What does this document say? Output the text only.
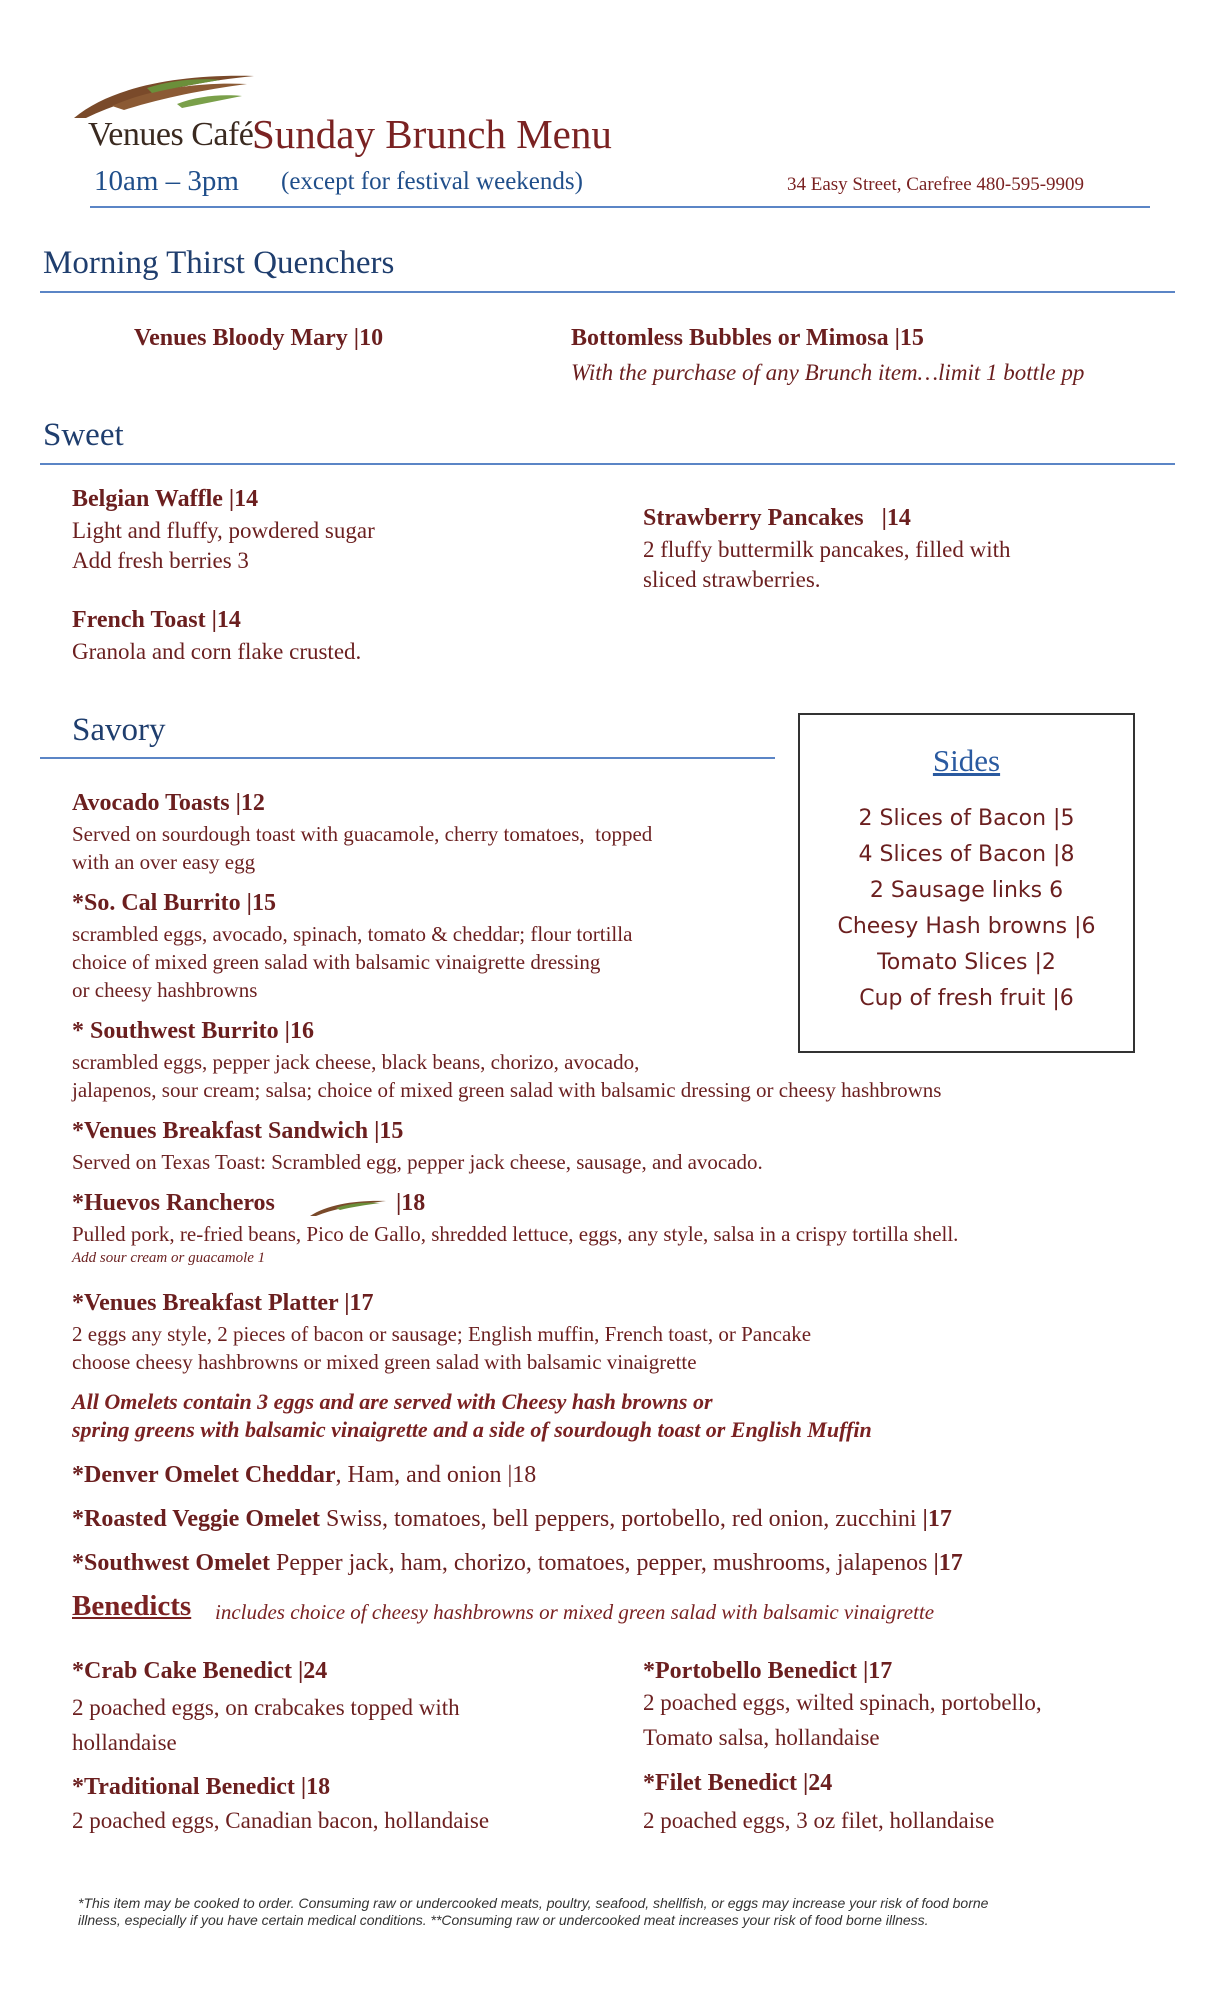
Venues Café
Sunday Brunch Menu
10am – 3pm (except for festival weekends)	34 Easy Street, Carefree 480-595-9909
Morning Thirst Quenchers
Venues Bloody Mary |10	Bottomless Bubbles or Mimosa |15
With the purchase of any Brunch item…limit 1 bottle pp
Sweet
Belgian Waffle |14
Light and fluffy, powdered sugar
Add fresh berries 3
Strawberry Pancakes   |14
2 fluffy buttermilk pancakes, filled with
sliced strawberries.
French Toast |14
Granola and corn flake crusted.
Savory
Avocado Toasts |12
Served on sourdough toast with guacamole, cherry tomatoes,  topped
with an over easy egg
*So. Cal Burrito |15
scrambled eggs, avocado, spinach, tomato & cheddar; flour tortilla
choice of mixed green salad with balsamic vinaigrette dressing
or cheesy hashbrowns
* Southwest Burrito |16
scrambled eggs, pepper jack cheese, black beans, chorizo, avocado,
jalapenos, sour cream; salsa; choice of mixed green salad with balsamic dressing or cheesy hashbrowns
*Venues Breakfast Sandwich |15
Served on Texas Toast: Scrambled egg, pepper jack cheese, sausage, and avocado.
*Huevos Rancheros	|18
Pulled pork, re-fried beans, Pico de Gallo, shredded lettuce, eggs, any style, salsa in a crispy tortilla shell.
Add sour cream or guacamole 1
*Venues Breakfast Platter |17
2 eggs any style, 2 pieces of bacon or sausage; English muffin, French toast, or Pancake
choose cheesy hashbrowns or mixed green salad with balsamic vinaigrette
Sides
2 Slices of Bacon |5
4 Slices of Bacon |8
2 Sausage links 6
Cheesy Hash browns |6
Tomato Slices |2
Cup of fresh fruit |6
All Omelets contain 3 eggs and are served with Cheesy hash browns or
spring greens with balsamic vinaigrette and a side of sourdough toast or English Muffin
*Denver Omelet Cheddar, Ham, and onion |18
*Roasted Veggie Omelet Swiss, tomatoes, bell peppers, portobello, red onion, zucchini |17
*Southwest Omelet Pepper jack, ham, chorizo, tomatoes, pepper, mushrooms, jalapenos |17
Benedicts includes choice of cheesy hashbrowns or mixed green salad with balsamic vinaigrette
*Crab Cake Benedict |24
2 poached eggs, on crabcakes topped with
hollandaise
*Portobello Benedict |17
2 poached eggs, wilted spinach, portobello,
Tomato salsa, hollandaise
*Traditional Benedict |18
2 poached eggs, Canadian bacon, hollandaise
*Filet Benedict |24
2 poached eggs, 3 oz filet, hollandaise
*This item may be cooked to order. Consuming raw or undercooked meats, poultry, seafood, shellfish, or eggs may increase your risk of food borne
illness, especially if you have certain medical conditions. **Consuming raw or undercooked meat increases your risk of food borne illness.
